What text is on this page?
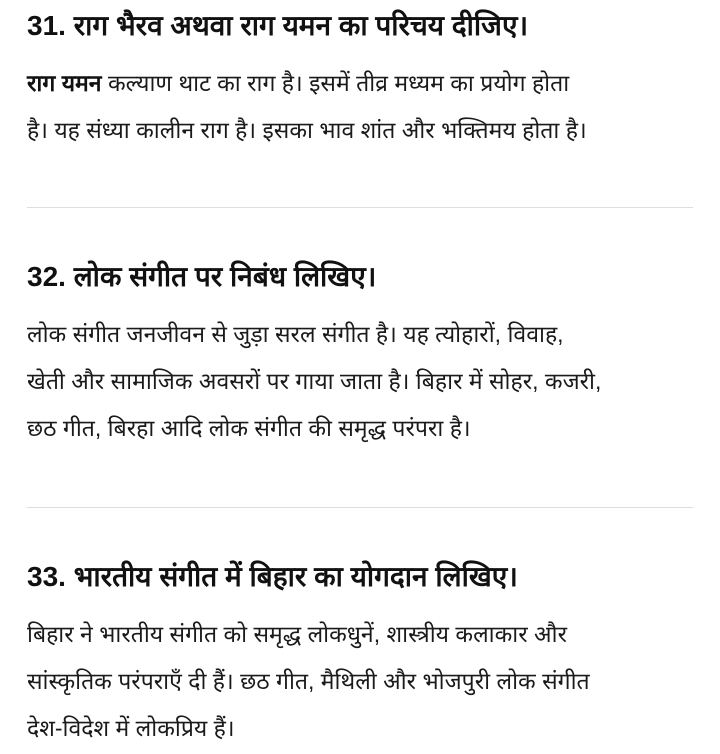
31. राग भैरव अथवा राग यमन का परिचय दीजिए।

राग यमन कल्याण थाट का राग है। इसमें तीव्र मध्यम का प्रयोग होता
है। यह संध्या कालीन राग है। इसका भाव शांत और भक्तिमय होता है।

32. लोक संगीत पर निबंध लिखिए।

लोक संगीत जनजीवन से जुड़ा सरल संगीत है। यह त्योहारों, विवाह,
खेती और सामाजिक अवसरों पर गाया जाता है। बिहार में सोहर, कजरी,
छठ गीत, बिरहा आदि लोक संगीत की समृद्ध परंपरा है।

33. भारतीय संगीत में बिहार का योगदान लिखिए।

बिहार ने भारतीय संगीत को समृद्ध लोकधुनें, शास्त्रीय कलाकार और
सांस्कृतिक परंपराएँ दी हैं। छठ गीत, मैथिली और भोजपुरी लोक संगीत
देश-विदेश में लोकप्रिय हैं।
